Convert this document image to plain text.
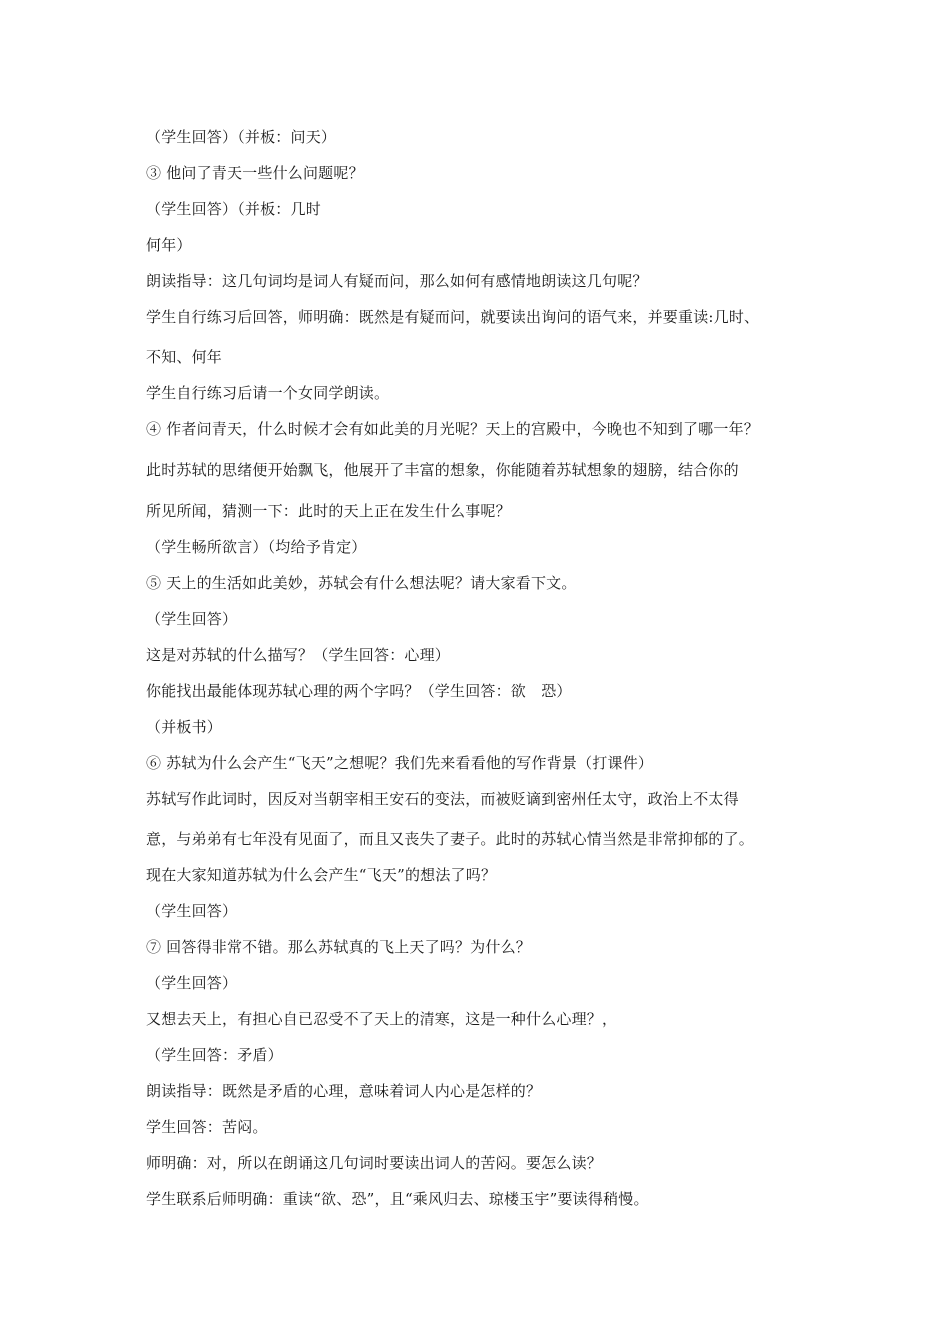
（学生回答）（并板：问天）
③ 他问了青天一些什么问题呢？
（学生回答）（并板：几时
何年）
朗读指导：这几句词均是词人有疑而问，那么如何有感情地朗读这几句呢？
学生自行练习后回答，师明确：既然是有疑而问，就要读出询问的语气来，并要重读:几时、
不知、何年
学生自行练习后请一个女同学朗读。
④ 作者问青天，什么时候才会有如此美的月光呢？天上的宫殿中，今晚也不知到了哪一年？
此时苏轼的思绪便开始飘飞，他展开了丰富的想象，你能随着苏轼想象的翅膀，结合你的
所见所闻，猜测一下：此时的天上正在发生什么事呢？
（学生畅所欲言）（均给予肯定）
⑤ 天上的生活如此美妙，苏轼会有什么想法呢？请大家看下文。
（学生回答）
这是对苏轼的什么描写？（学生回答：心理）
你能找出最能体现苏轼心理的两个字吗？（学生回答：欲　恐）
（并板书）
⑥ 苏轼为什么会产生“飞天”之想呢？我们先来看看他的写作背景（打课件）
苏轼写作此词时，因反对当朝宰相王安石的变法，而被贬谪到密州任太守，政治上不太得
意，与弟弟有七年没有见面了，而且又丧失了妻子。此时的苏轼心情当然是非常抑郁的了。
现在大家知道苏轼为什么会产生“飞天”的想法了吗？
（学生回答）
⑦ 回答得非常不错。那么苏轼真的飞上天了吗？为什么？
（学生回答）
又想去天上，有担心自已忍受不了天上的清寒，这是一种什么心理？，
（学生回答：矛盾）
朗读指导：既然是矛盾的心理，意味着词人内心是怎样的？
学生回答：苦闷。
师明确：对，所以在朗诵这几句词时要读出词人的苦闷。要怎么读？
学生联系后师明确：重读“欲、恐”，且“乘风归去、琼楼玉宇”要读得稍慢。
